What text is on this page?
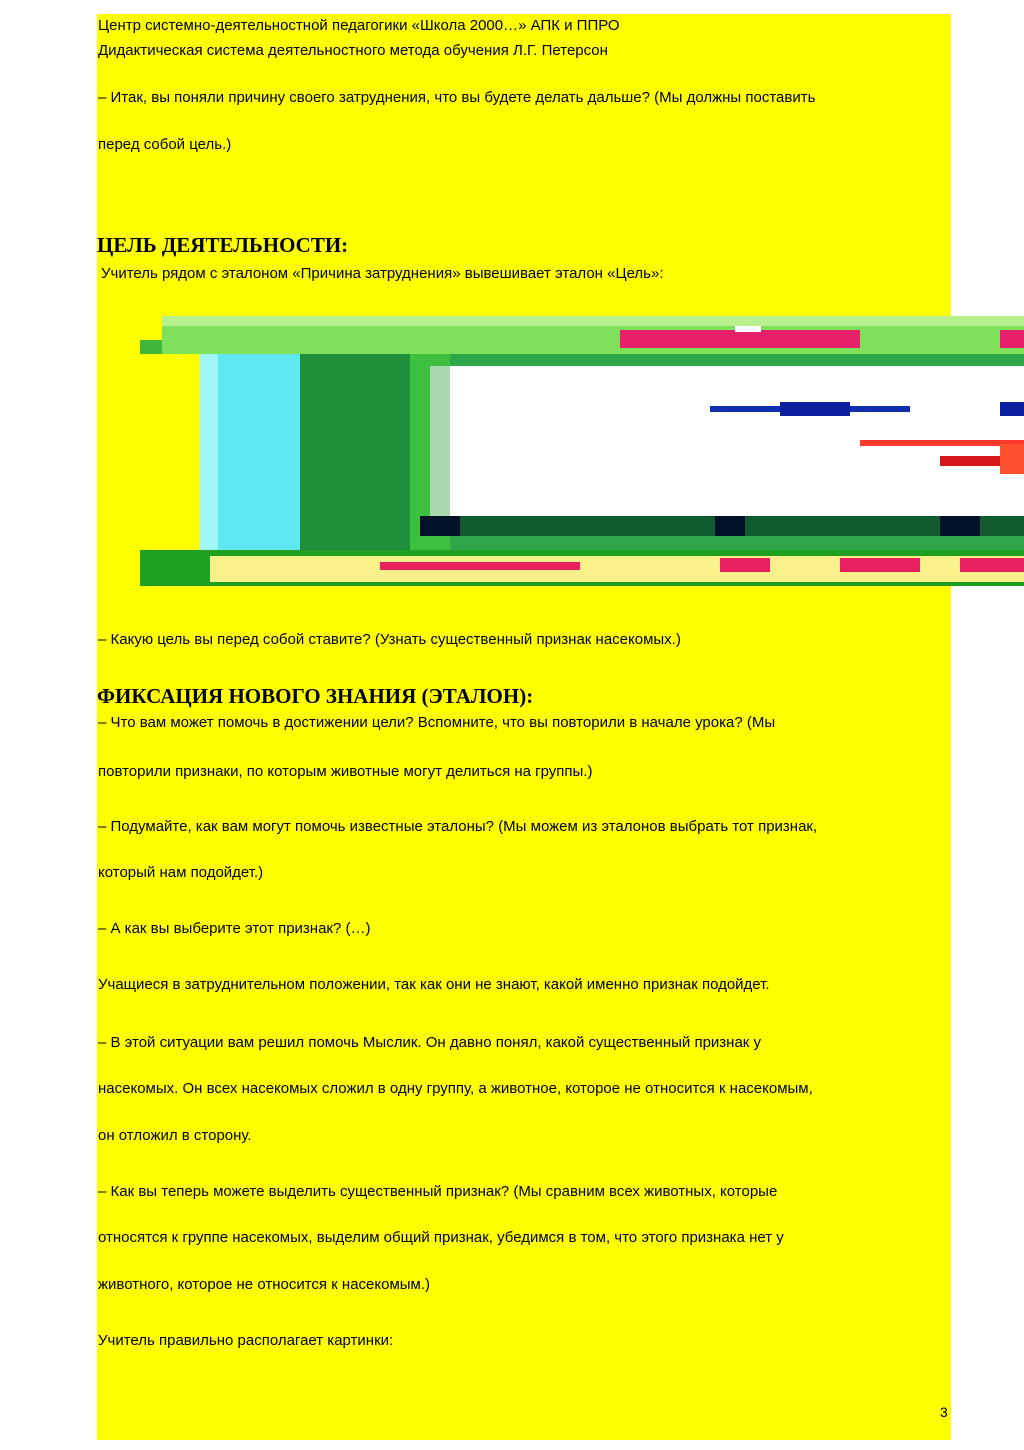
Центр системно-деятельностной педагогики «Школа 2000…» АПК и ППРО

Дидактическая система деятельностного метода обучения Л.Г. Петерсон

– Итак, вы поняли причину своего затруднения, что вы будете делать дальше? (Мы должны поставить

перед собой цель.)

ЦЕЛЬ ДЕЯТЕЛЬНОСТИ:

Учитель рядом с эталоном «Причина затруднения» вывешивает эталон «Цель»:

– Какую цель вы перед собой ставите? (Узнать существенный признак насекомых.)

ФИКСАЦИЯ НОВОГО ЗНАНИЯ (ЭТАЛОН):

– Что вам может помочь в достижении цели? Вспомните, что вы повторили в начале урока? (Мы

повторили признаки, по которым животные могут делиться на группы.)

– Подумайте, как вам могут помочь известные эталоны? (Мы можем из эталонов выбрать тот признак,

который нам подойдет.)

– А как вы выберите этот признак? (…)

Учащиеся в затруднительном положении, так как они не знают, какой именно признак подойдет.

– В этой ситуации вам решил помочь Мыслик. Он давно понял, какой существенный признак у

насекомых. Он всех насекомых сложил в одну группу, а животное, которое не относится к насекомым,

он отложил в сторону.

– Как вы теперь можете выделить существенный признак? (Мы сравним всех животных, которые

относятся к группе насекомых, выделим общий признак, убедимся в том, что этого признака нет у

животного, которое не относится к насекомым.)

Учитель правильно располагает картинки:

3
